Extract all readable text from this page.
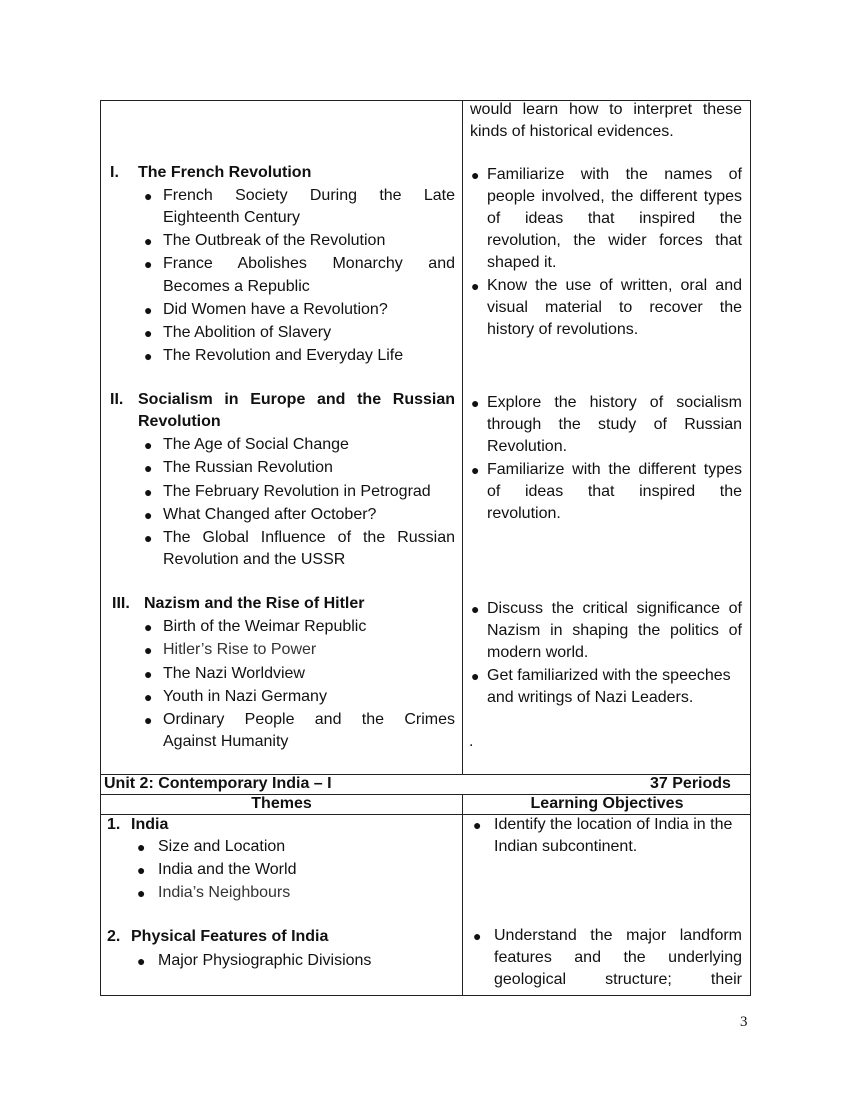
would learn how to interpret these
kinds of historical evidences.
I. The French Revolution
● French Society During the Late
Eighteenth Century
● The Outbreak of the Revolution
● France Abolishes Monarchy and
Becomes a Republic
● Did Women have a Revolution?
● The Abolition of Slavery
● The Revolution and Everyday Life
● Familiarize with the names of
people involved, the different types
of ideas that inspired the
revolution, the wider forces that
shaped it.
● Know the use of written, oral and
visual material to recover the
history of revolutions.
II. Socialism in Europe and the Russian
Revolution
● The Age of Social Change
● The Russian Revolution
● The February Revolution in Petrograd
● What Changed after October?
● The Global Influence of the Russian
Revolution and the USSR
● Explore the history of socialism
through the study of Russian
Revolution.
● Familiarize with the different types
of ideas that inspired the
revolution.
III. Nazism and the Rise of Hitler
● Birth of the Weimar Republic
● Hitler’s Rise to Power
● The Nazi Worldview
● Youth in Nazi Germany
● Ordinary People and the Crimes
Against Humanity
● Discuss the critical significance of
Nazism in shaping the politics of
modern world.
● Get familiarized with the speeches
and writings of Nazi Leaders.
.
Unit 2: Contemporary India – I	37 Periods
Themes	Learning Objectives
1. India
● Size and Location
● India and the World
● India’s Neighbours
● Identify the location of India in the
Indian subcontinent.
2. Physical Features of India
● Major Physiographic Divisions
● Understand the major landform
features and the underlying
geological structure; their
3
